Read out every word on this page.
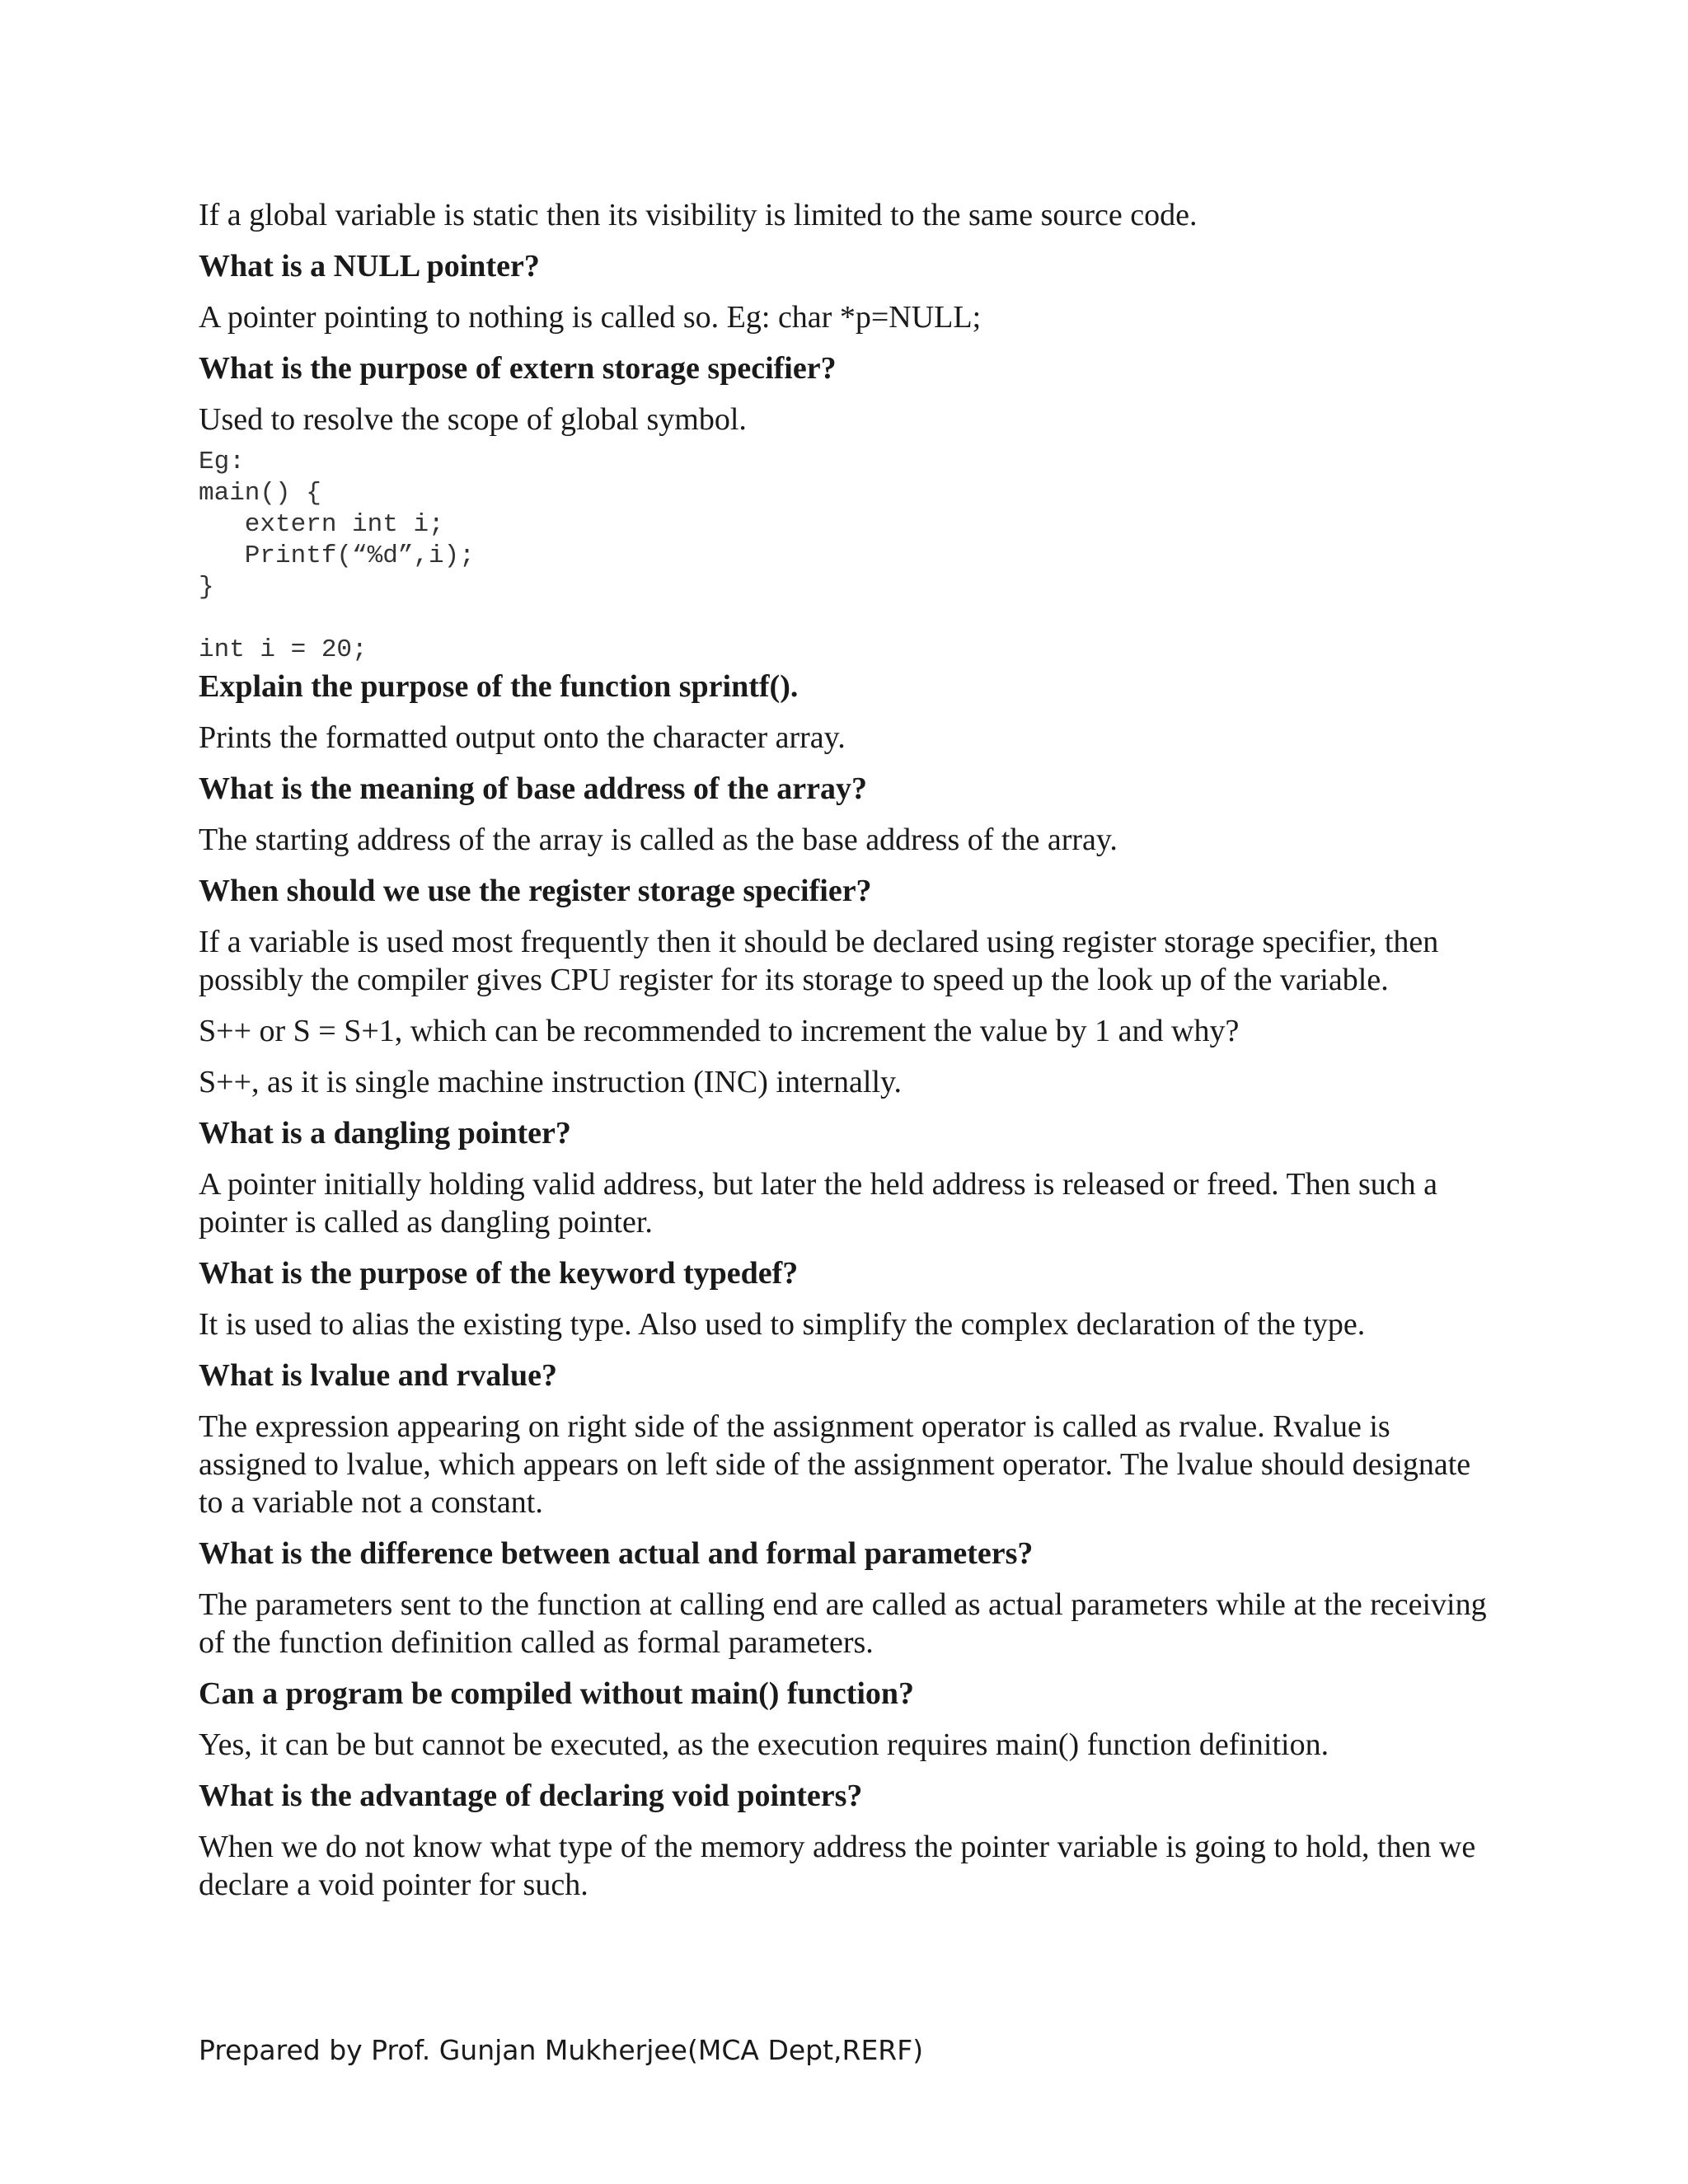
If a global variable is static then its visibility is limited to the same source code.

What is a NULL pointer?

A pointer pointing to nothing is called so. Eg: char *p=NULL;

What is the purpose of extern storage specifier?

Used to resolve the scope of global symbol.

Eg:
main() {
extern int i;
Printf(“%d”,i);
}
int i = 20;

Explain the purpose of the function sprintf().

Prints the formatted output onto the character array.

What is the meaning of base address of the array?

The starting address of the array is called as the base address of the array.

When should we use the register storage specifier?

If a variable is used most frequently then it should be declared using register storage specifier, then possibly the compiler gives CPU register for its storage to speed up the look up of the variable.

S++ or S = S+1, which can be recommended to increment the value by 1 and why?

S++, as it is single machine instruction (INC) internally.

What is a dangling pointer?

A pointer initially holding valid address, but later the held address is released or freed. Then such a pointer is called as dangling pointer.

What is the purpose of the keyword typedef?

It is used to alias the existing type. Also used to simplify the complex declaration of the type.

What is lvalue and rvalue?

The expression appearing on right side of the assignment operator is called as rvalue. Rvalue is assigned to lvalue, which appears on left side of the assignment operator. The lvalue should designate to a variable not a constant.

What is the difference between actual and formal parameters?

The parameters sent to the function at calling end are called as actual parameters while at the receiving of the function definition called as formal parameters.

Can a program be compiled without main() function?

Yes, it can be but cannot be executed, as the execution requires main() function definition.

What is the advantage of declaring void pointers?

When we do not know what type of the memory address the pointer variable is going to hold, then we declare a void pointer for such.

Prepared by Prof. Gunjan Mukherjee(MCA Dept,RERF)
